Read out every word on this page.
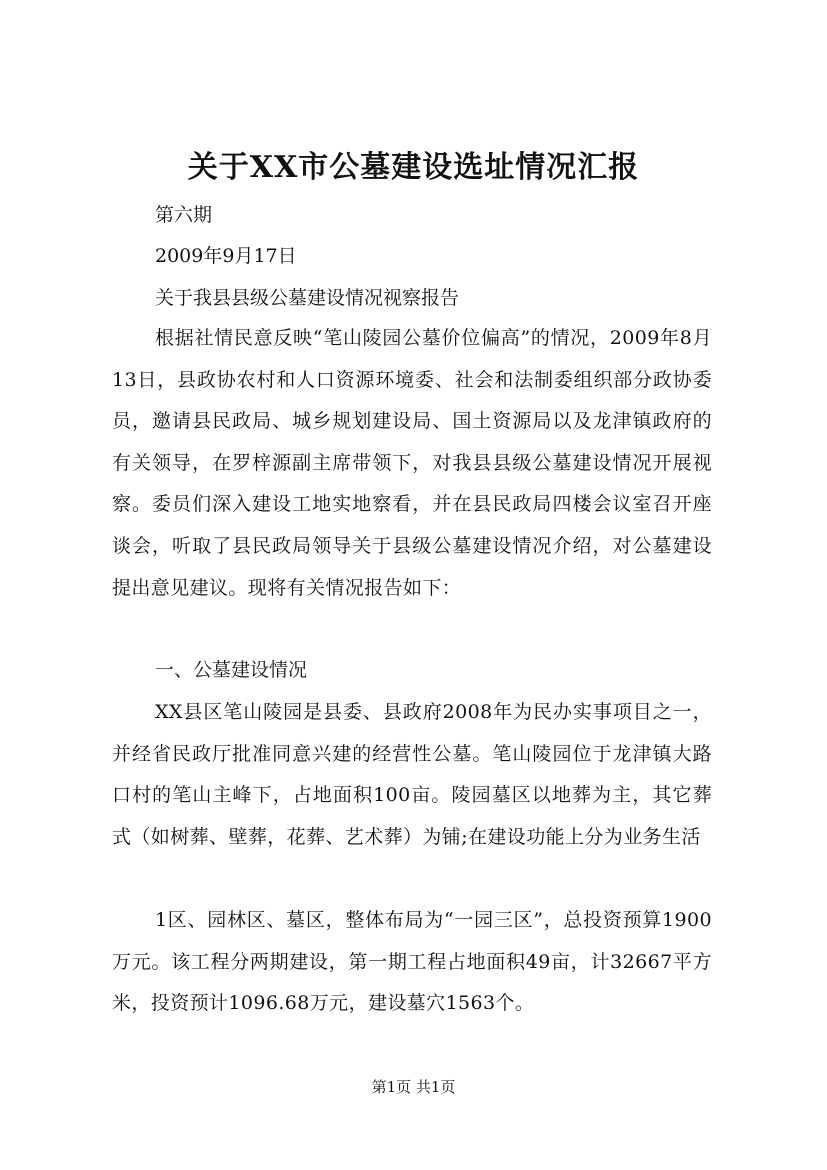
关于XX市公墓建设选址情况汇报

第六期

2009年9月17日

关于我县县级公墓建设情况视察报告

根据社情民意反映“笔山陵园公墓价位偏高”的情况，2009年8月13日，县政协农村和人口资源环境委、社会和法制委组织部分政协委员，邀请县民政局、城乡规划建设局、国土资源局以及龙津镇政府的有关领导，在罗梓源副主席带领下，对我县县级公墓建设情况开展视察。委员们深入建设工地实地察看，并在县民政局四楼会议室召开座谈会，听取了县民政局领导关于县级公墓建设情况介绍，对公墓建设提出意见建议。现将有关情况报告如下：

一、公墓建设情况

XX县区笔山陵园是县委、县政府2008年为民办实事项目之一，并经省民政厅批准同意兴建的经营性公墓。笔山陵园位于龙津镇大路口村的笔山主峰下，占地面积100亩。陵园墓区以地葬为主，其它葬式（如树葬、壁葬，花葬、艺术葬）为铺;在建设功能上分为业务生活

1区、园林区、墓区，整体布局为“一园三区”，总投资预算1900万元。该工程分两期建设，第一期工程占地面积49亩，计32667平方米，投资预计1096.68万元，建设墓穴1563个。

第1页 共1页
